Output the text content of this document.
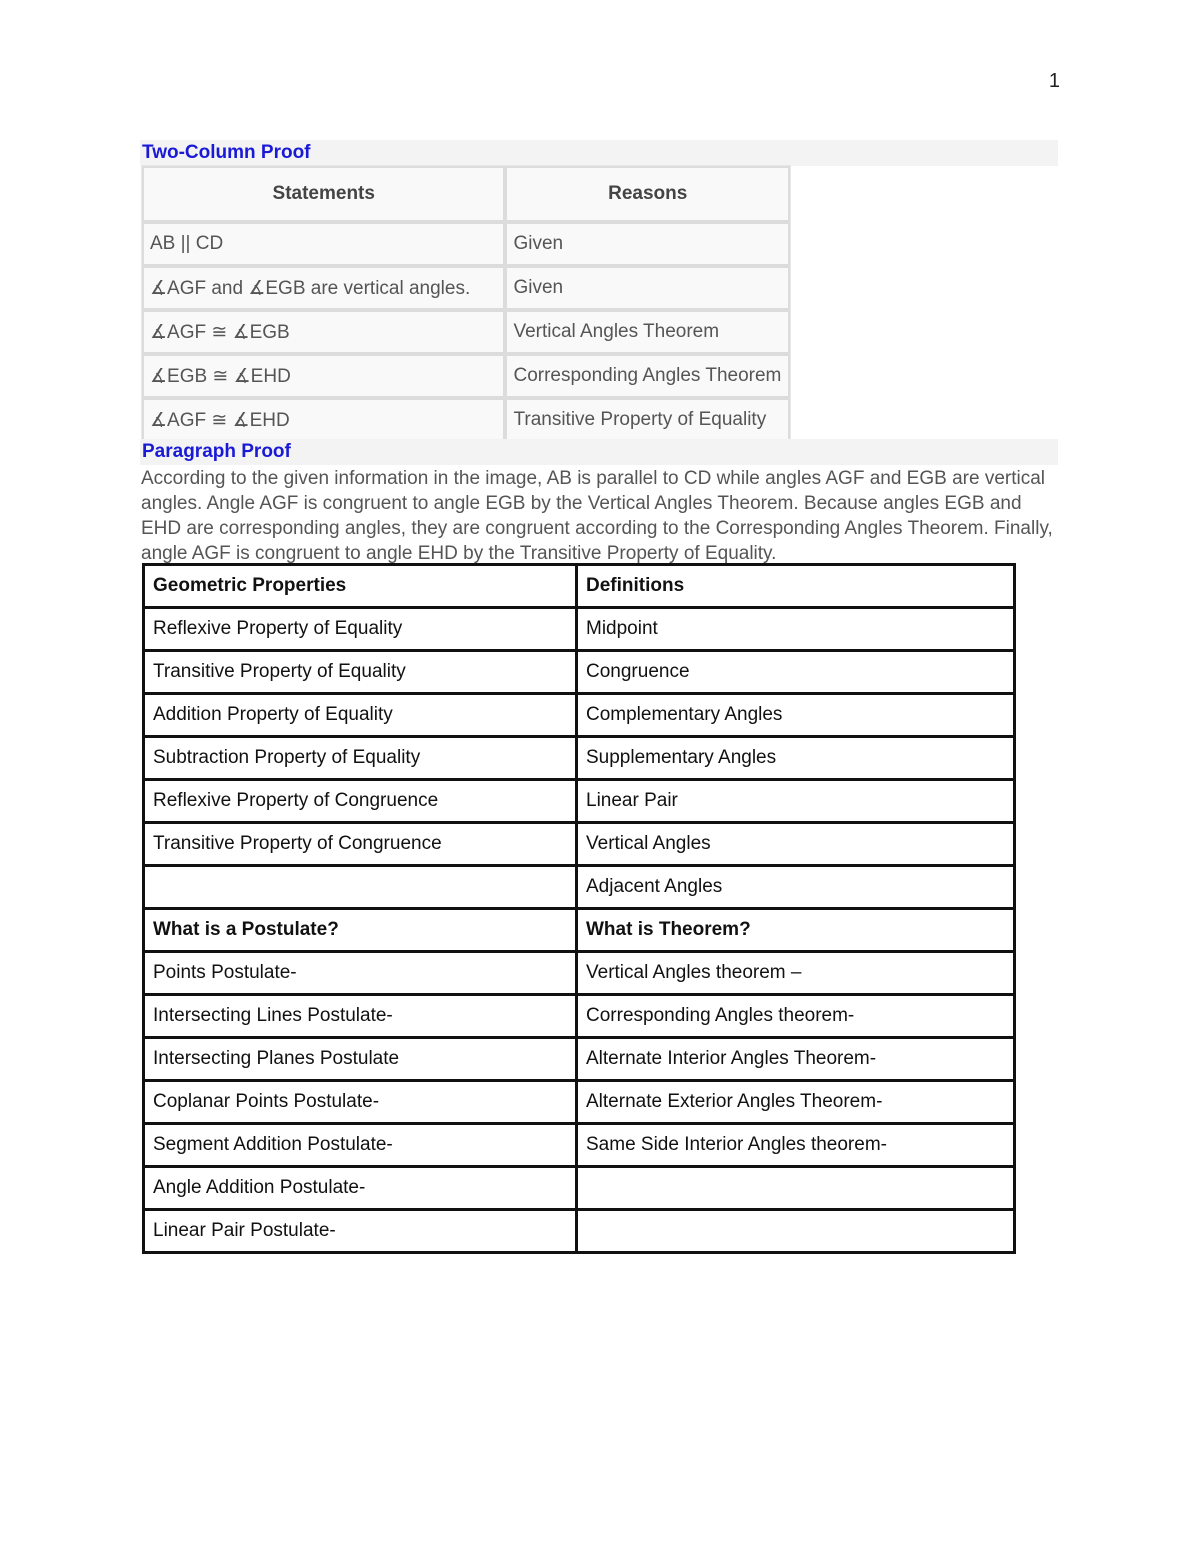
1
Two-Column Proof
Statements	Reasons
AB || CD	Given
∡AGF and ∡EGB are vertical angles.	Given
∡AGF ≅ ∡EGB	Vertical Angles Theorem
∡EGB ≅ ∡EHD	Corresponding Angles Theorem
∡AGF ≅ ∡EHD	Transitive Property of Equality
Paragraph Proof

According to the given information in the image, AB is parallel to CD while angles AGF and EGB are vertical angles. Angle AGF is congruent to angle EGB by the Vertical Angles Theorem. Because angles EGB and EHD are corresponding angles, they are congruent according to the Corresponding Angles Theorem. Finally, angle AGF is congruent to angle EHD by the Transitive Property of Equality.

Geometric Properties	Definitions
Reflexive Property of Equality	Midpoint
Transitive Property of Equality	Congruence
Addition Property of Equality	Complementary Angles
Subtraction Property of Equality	Supplementary Angles
Reflexive Property of Congruence	Linear Pair
Transitive Property of Congruence	Vertical Angles
	Adjacent Angles
What is a Postulate?	What is Theorem?
Points Postulate-	Vertical Angles theorem –
Intersecting Lines Postulate-	Corresponding Angles theorem-
Intersecting Planes Postulate	Alternate Interior Angles Theorem-
Coplanar Points Postulate-	Alternate Exterior Angles Theorem-
Segment Addition Postulate-	Same Side Interior Angles theorem-
Angle Addition Postulate-	
Linear Pair Postulate-	
